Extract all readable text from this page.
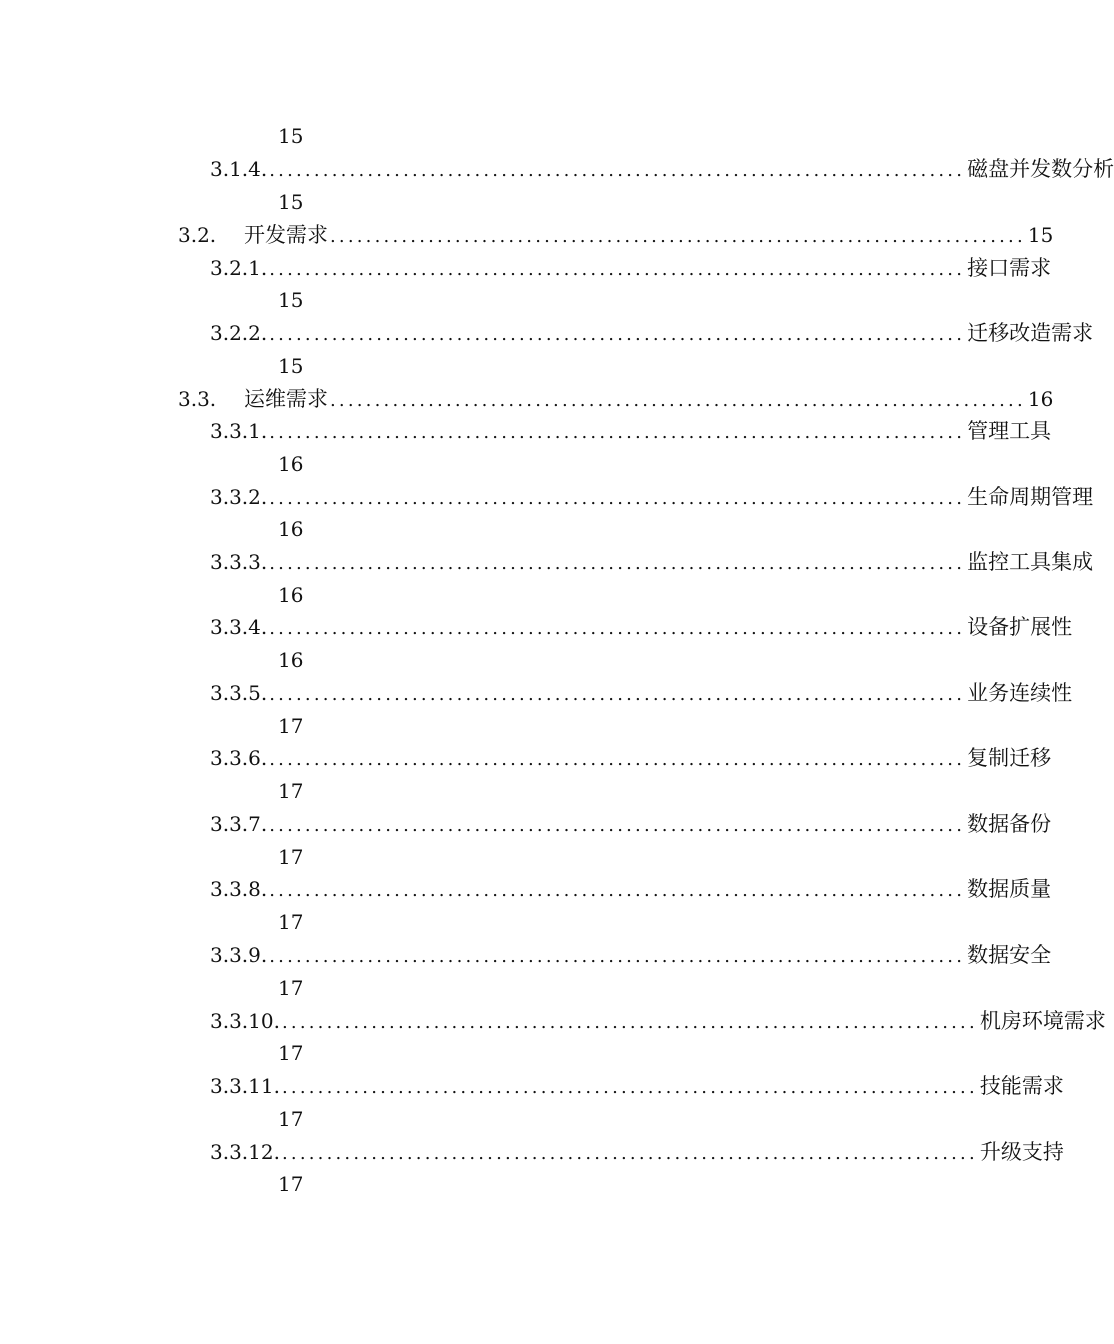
15
3.1.4. .............................................................................. 磁盘并发数分析
15
3.2.	开发需求 .............................................................................. 15
3.2.1. .............................................................................. 接口需求
15
3.2.2. .............................................................................. 迁移改造需求
15
3.3.	运维需求 .............................................................................. 16
3.3.1. .............................................................................. 管理工具
16
3.3.2. .............................................................................. 生命周期管理
16
3.3.3. .............................................................................. 监控工具集成
16
3.3.4. .............................................................................. 设备扩展性
16
3.3.5. .............................................................................. 业务连续性
17
3.3.6. .............................................................................. 复制迁移
17
3.3.7. .............................................................................. 数据备份
17
3.3.8. .............................................................................. 数据质量
17
3.3.9. .............................................................................. 数据安全
17
3.3.10. .............................................................................. 机房环境需求
17
3.3.11. .............................................................................. 技能需求
17
3.3.12. .............................................................................. 升级支持
17
